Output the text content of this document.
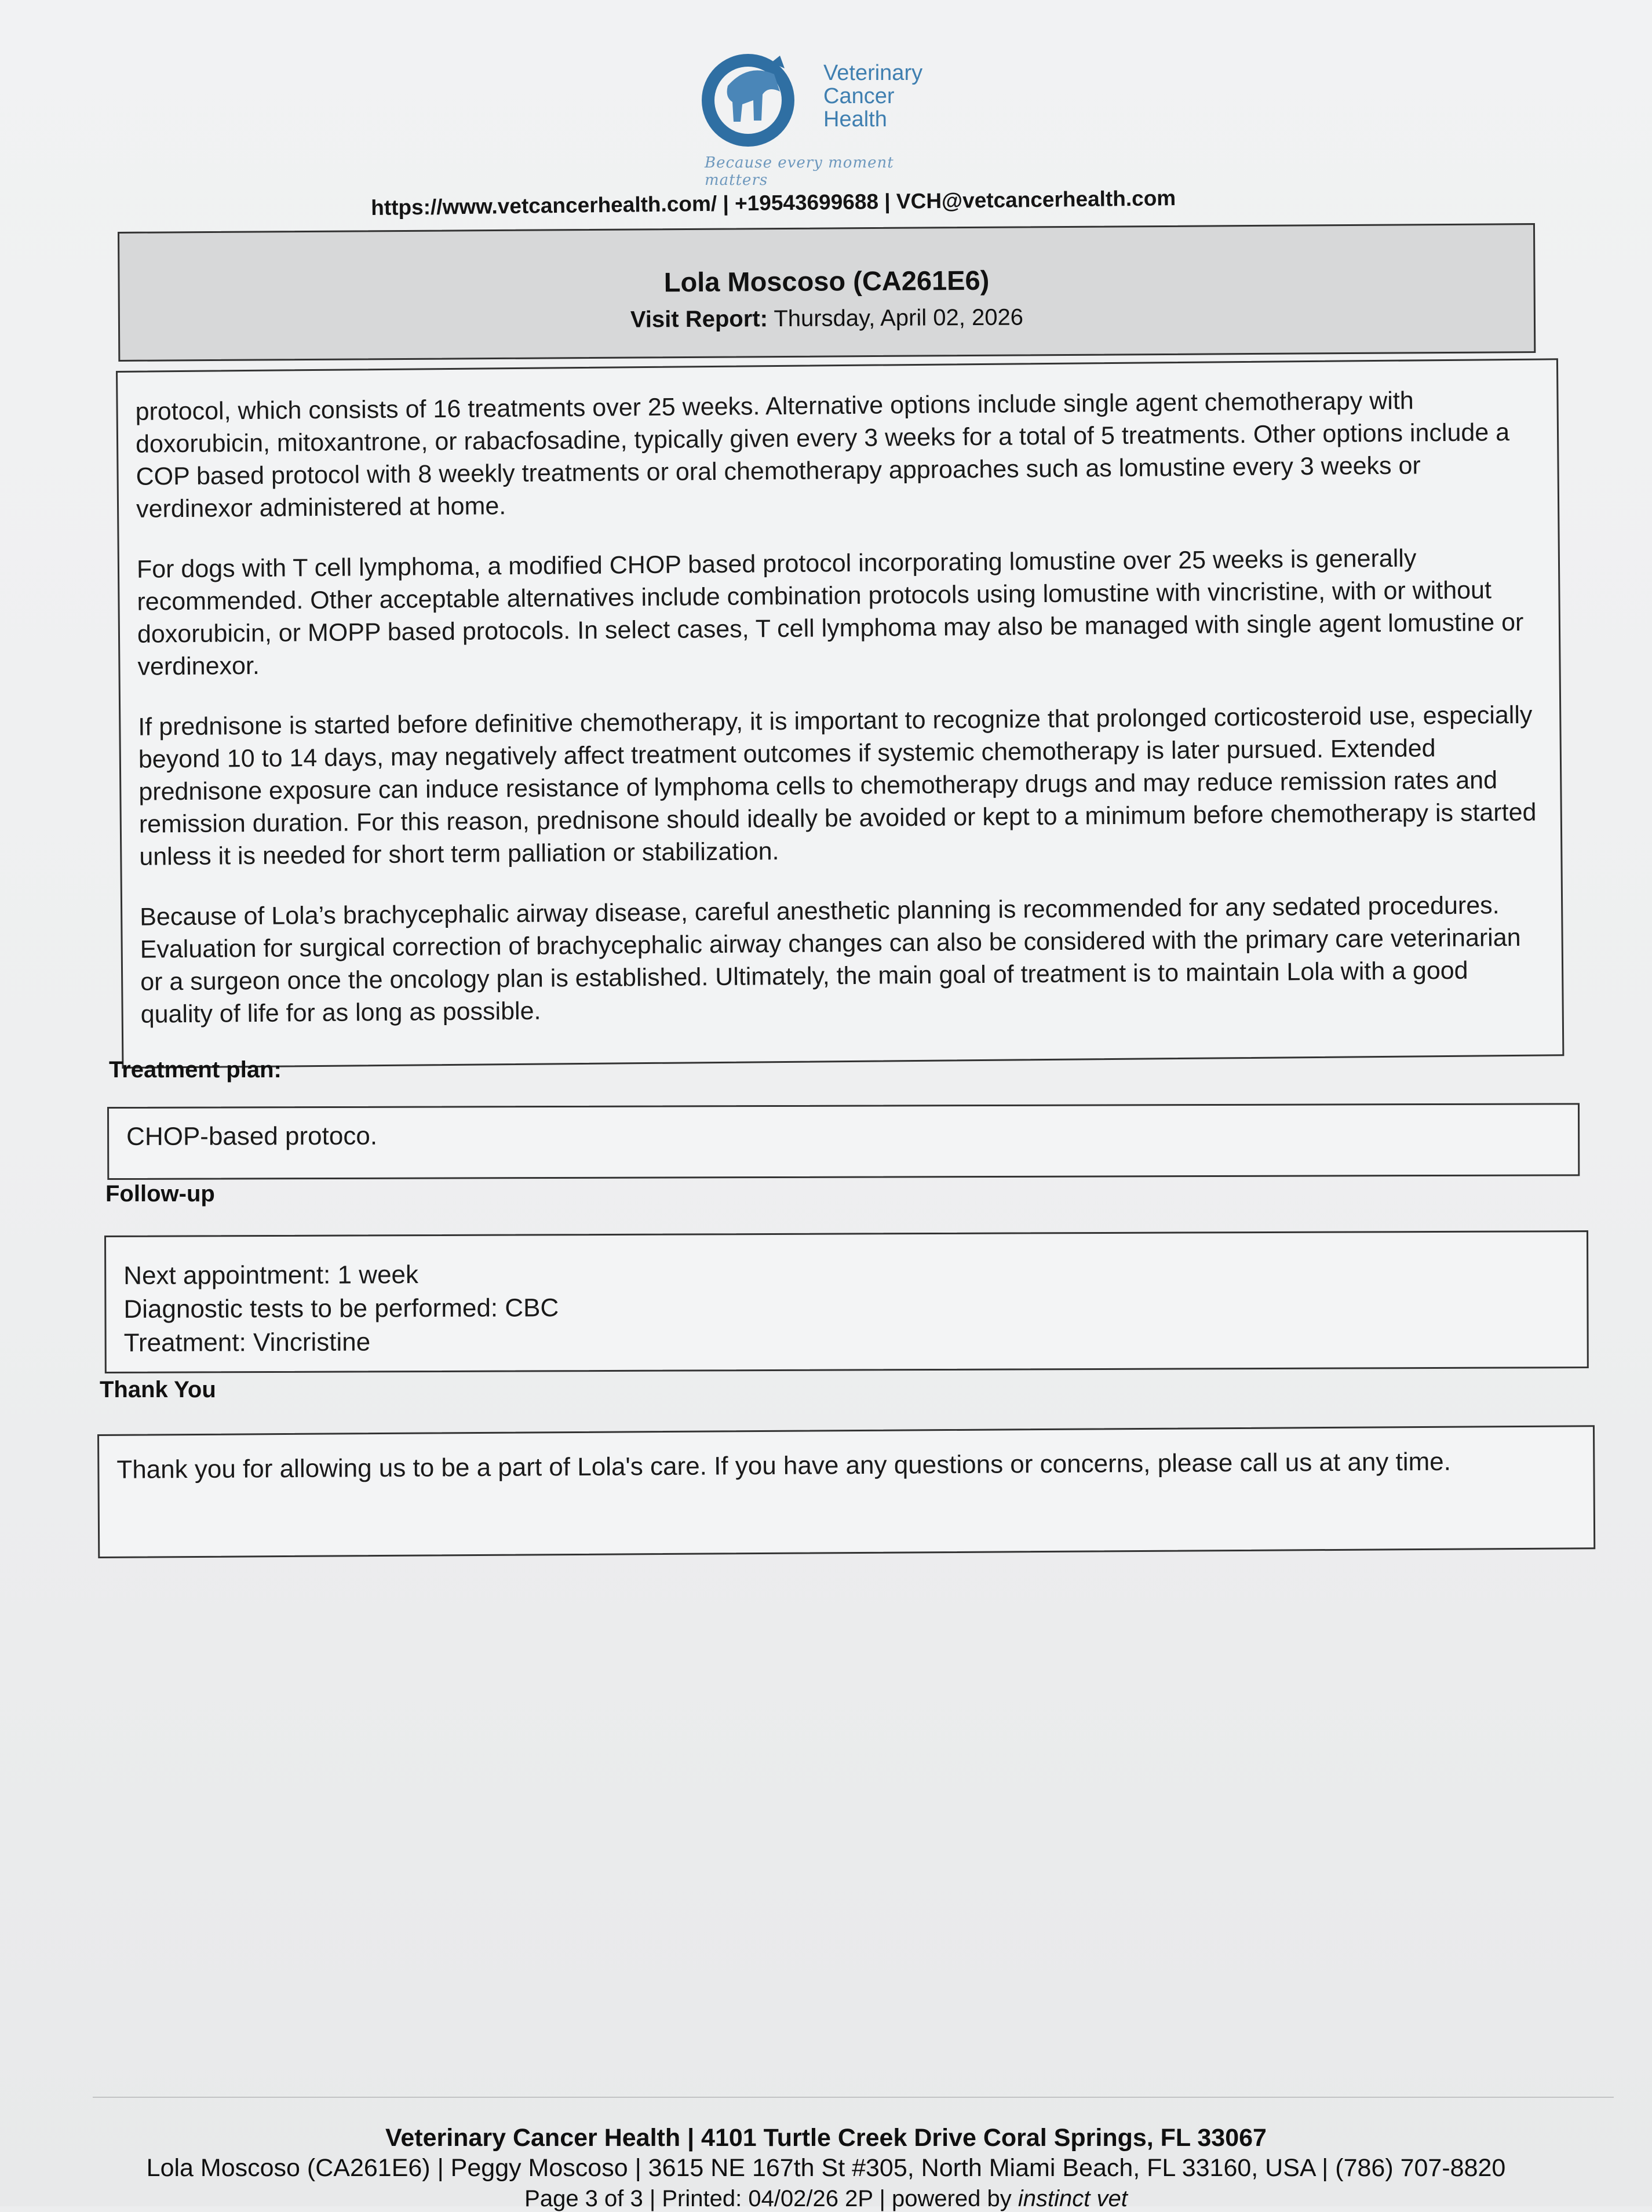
Veterinary
Cancer
Health
Because every moment matters
https://www.vetcancerhealth.com/ | +19543699688 | VCH@vetcancerhealth.com
Lola Moscoso (CA261E6)
Visit Report: Thursday, April 02, 2026

protocol, which consists of 16 treatments over 25 weeks. Alternative options include single agent chemotherapy with doxorubicin, mitoxantrone, or rabacfosadine, typically given every 3 weeks for a total of 5 treatments. Other options include a COP based protocol with 8 weekly treatments or oral chemotherapy approaches such as lomustine every 3 weeks or verdinexor administered at home.

For dogs with T cell lymphoma, a modified CHOP based protocol incorporating lomustine over 25 weeks is generally recommended. Other acceptable alternatives include combination protocols using lomustine with vincristine, with or without doxorubicin, or MOPP based protocols. In select cases, T cell lymphoma may also be managed with single agent lomustine or verdinexor.

If prednisone is started before definitive chemotherapy, it is important to recognize that prolonged corticosteroid use, especially beyond 10 to 14 days, may negatively affect treatment outcomes if systemic chemotherapy is later pursued. Extended prednisone exposure can induce resistance of lymphoma cells to chemotherapy drugs and may reduce remission rates and remission duration. For this reason, prednisone should ideally be avoided or kept to a minimum before chemotherapy is started unless it is needed for short term palliation or stabilization.

Because of Lola’s brachycephalic airway disease, careful anesthetic planning is recommended for any sedated procedures. Evaluation for surgical correction of brachycephalic airway changes can also be considered with the primary care veterinarian or a surgeon once the oncology plan is established. Ultimately, the main goal of treatment is to maintain Lola with a good quality of life for as long as possible.

Treatment plan:
CHOP-based protoco.
Follow-up
Next appointment: 1 week
Diagnostic tests to be performed: CBC
Treatment: Vincristine
Thank You
Thank you for allowing us to be a part of Lola's care. If you have any questions or concerns, please call us at any time.
Veterinary Cancer Health | 4101 Turtle Creek Drive Coral Springs, FL 33067
Lola Moscoso (CA261E6) | Peggy Moscoso | 3615 NE 167th St #305, North Miami Beach, FL 33160, USA | (786) 707-8820
Page 3 of 3 | Printed: 04/02/26 2P | powered by instinct vet
